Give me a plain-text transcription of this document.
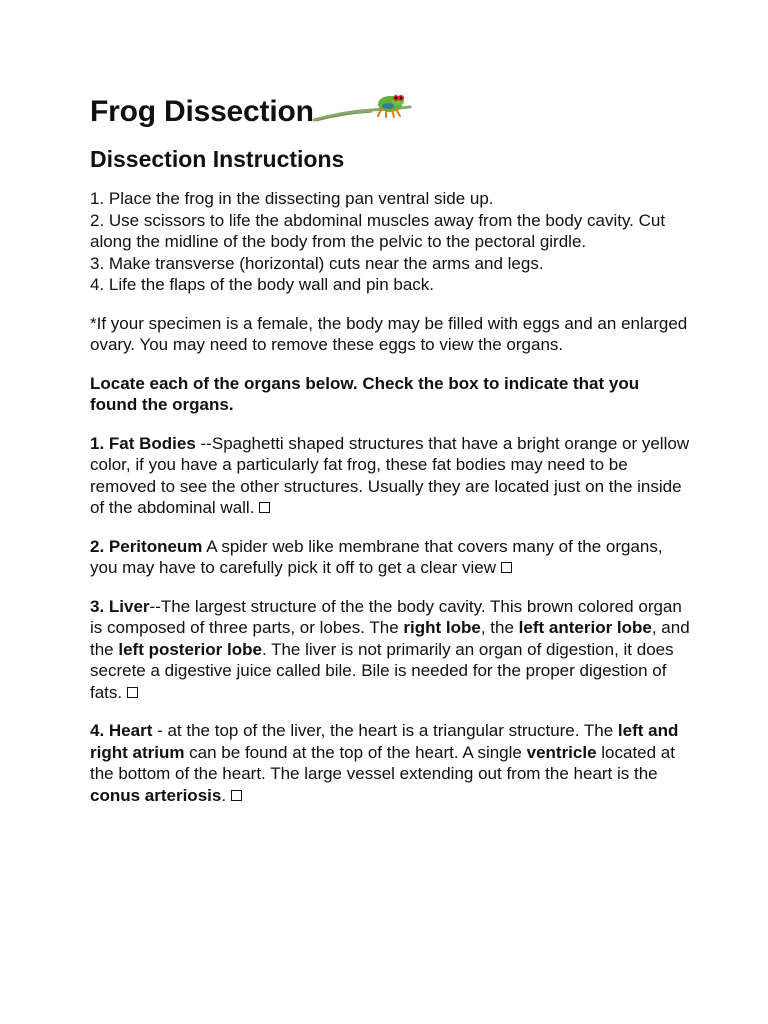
Frog Dissection
Dissection Instructions
1. Place the frog in the dissecting pan ventral side up.
2. Use scissors to life the abdominal muscles away from the body cavity. Cut along the midline of the body from the pelvic to the pectoral girdle.
3. Make transverse (horizontal) cuts near the arms and legs.
4. Life the flaps of the body wall and pin back.
*If your specimen is a female, the body may be filled with eggs and an enlarged ovary. You may need to remove these eggs to view the organs.
Locate each of the organs below. Check the box to indicate that you found the organs.
1. Fat Bodies --Spaghetti shaped structures that have a bright orange or yellow color, if you have a particularly fat frog, these fat bodies may need to be removed to see the other structures. Usually they are located just on the inside of the abdominal wall.
2. Peritoneum A spider web like membrane that covers many of the organs, you may have to carefully pick it off to get a clear view
3. Liver--The largest structure of the the body cavity. This brown colored organ is composed of three parts, or lobes. The right lobe, the left anterior lobe, and the left posterior lobe. The liver is not primarily an organ of digestion, it does secrete a digestive juice called bile. Bile is needed for the proper digestion of fats.
4. Heart - at the top of the liver, the heart is a triangular structure. The left and right atrium can be found at the top of the heart. A single ventricle located at the bottom of the heart. The large vessel extending out from the heart is the conus arteriosis.
